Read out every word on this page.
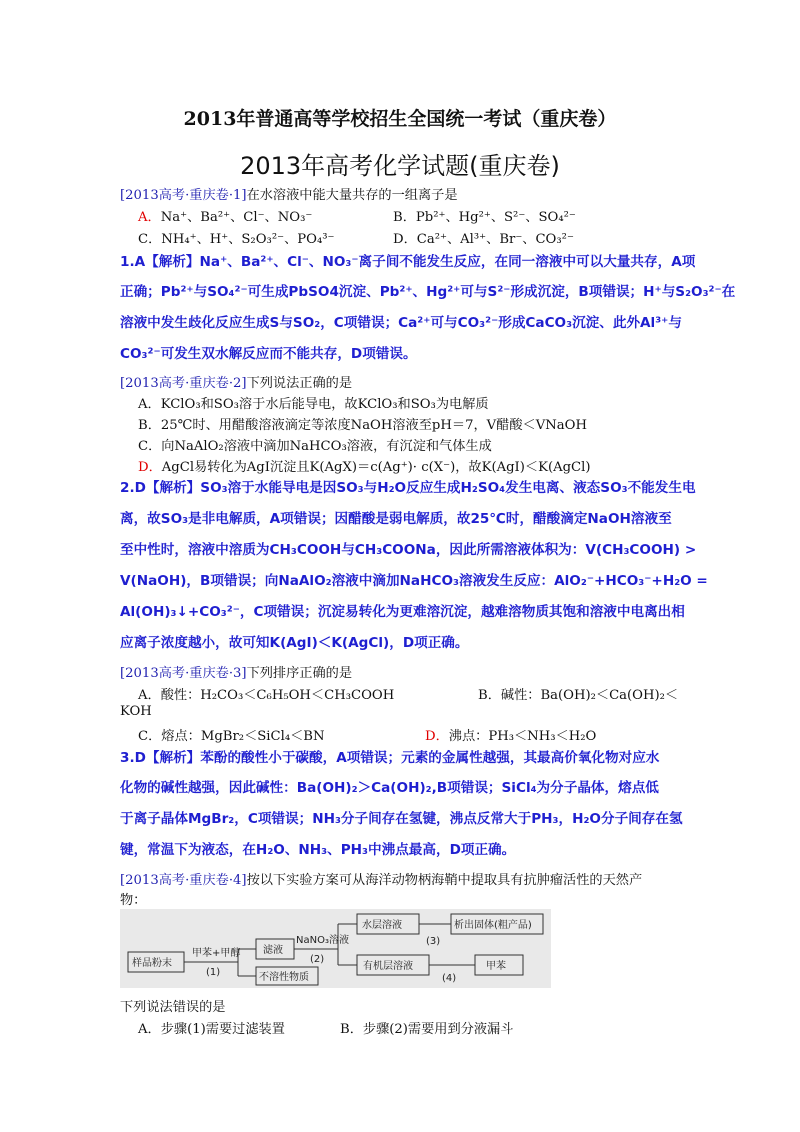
2013年普通高等学校招生全国统一考试（重庆卷）
2013年高考化学试题(重庆卷)
[2013高考·重庆卷·1]在水溶液中能大量共存的一组离子是
A．Na⁺、Ba²⁺、Cl⁻、NO₃⁻	B．Pb²⁺、Hg²⁺、S²⁻、SO₄²⁻
C．NH₄⁺、H⁺、S₂O₃²⁻、PO₄³⁻	D．Ca²⁺、Al³⁺、Br⁻、CO₃²⁻
1.A【解析】Na⁺、Ba²⁺、Cl⁻、NO₃⁻离子间不能发生反应，在同一溶液中可以大量共存，A项
正确；Pb²⁺与SO₄²⁻可生成PbSO4沉淀、Pb²⁺、Hg²⁺可与S²⁻形成沉淀，B项错误；H⁺与S₂O₃²⁻在
溶液中发生歧化反应生成S与SO₂，C项错误；Ca²⁺可与CO₃²⁻形成CaCO₃沉淀、此外Al³⁺与
CO₃²⁻可发生双水解反应而不能共存，D项错误。
[2013高考·重庆卷·2]下列说法正确的是
A．KClO₃和SO₃溶于水后能导电，故KClO₃和SO₃为电解质
B．25℃时、用醋酸溶液滴定等浓度NaOH溶液至pH＝7，V醋酸＜VNaOH
C．向NaAlO₂溶液中滴加NaHCO₃溶液，有沉淀和气体生成
D．AgCl易转化为AgI沉淀且K(AgX)＝c(Ag⁺)· c(X⁻)，故K(AgI)＜K(AgCl)
2.D【解析】SO₃溶于水能导电是因SO₃与H₂O反应生成H₂SO₄发生电离、液态SO₃不能发生电
离，故SO₃是非电解质，A项错误；因醋酸是弱电解质，故25℃时，醋酸滴定NaOH溶液至
至中性时，溶液中溶质为CH₃COOH与CH₃COONa，因此所需溶液体积为：V(CH₃COOH) >
V(NaOH)，B项错误；向NaAlO₂溶液中滴加NaHCO₃溶液发生反应：AlO₂⁻+HCO₃⁻+H₂O =
Al(OH)₃↓+CO₃²⁻，C项错误；沉淀易转化为更难溶沉淀，越难溶物质其饱和溶液中电离出相
应离子浓度越小，故可知K(AgI)＜K(AgCl)，D项正确。
[2013高考·重庆卷·3]下列排序正确的是
A．酸性：H₂CO₃＜C₆H₅OH＜CH₃COOH	B．碱性：Ba(OH)₂＜Ca(OH)₂＜
KOH
C．熔点：MgBr₂＜SiCl₄＜BN	D．沸点：PH₃＜NH₃＜H₂O
3.D【解析】苯酚的酸性小于碳酸，A项错误；元素的金属性越强，其最高价氧化物对应水
化物的碱性越强，因此碱性：Ba(OH)₂＞Ca(OH)₂,B项错误；SiCl₄为分子晶体，熔点低
于离子晶体MgBr₂，C项错误；NH₃分子间存在氢键，沸点反常大于PH₃，H₂O分子间存在氢
键，常温下为液态，在H₂O、NH₃、PH₃中沸点最高，D项正确。
[2013高考·重庆卷·4]按以下实验方案可从海洋动物柄海鞘中提取具有抗肿瘤活性的天然产
物：
样品粉末
甲苯+甲醇
(1)
滤液
不溶性物质
NaNO₃溶液
(2)
水层溶液
有机层溶液
(3)
(4)
析出固体(粗产品)
甲苯
下列说法错误的是
A．步骤(1)需要过滤装置	B．步骤(2)需要用到分液漏斗
